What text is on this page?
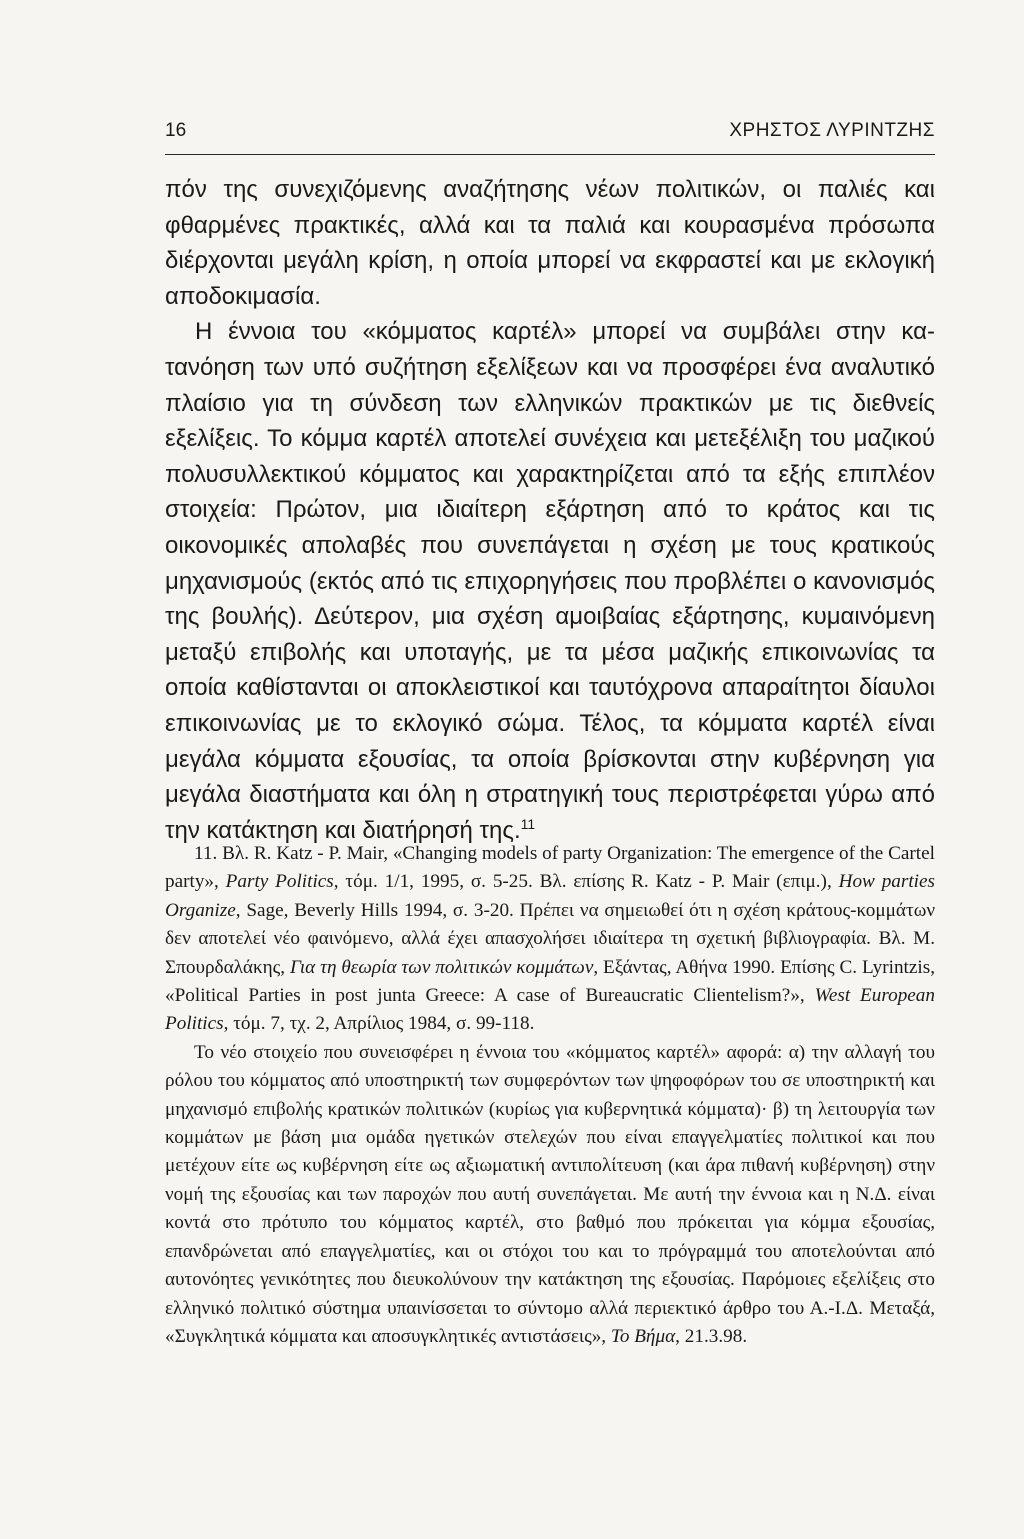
16	ΧΡΗΣΤΟΣ ΛΥΡΙΝΤΖΗΣ

πόν της συνεχιζόμενης αναζήτησης νέων πολιτικών, οι παλιές και φθαρμένες πρακτικές, αλλά και τα παλιά και κουρασμένα πρόσωπα διέρχονται μεγάλη κρίση, η οποία μπορεί να εκφραστεί και με εκλογική αποδοκιμασία.

Η έννοια του «κόμματος καρτέλ» μπορεί να συμβάλει στην κατανόηση των υπό συζήτηση εξελίξεων και να προσφέρει ένα αναλυτικό πλαίσιο για τη σύνδεση των ελληνικών πρακτικών με τις διεθνείς εξελίξεις. Το κόμμα καρτέλ αποτελεί συνέχεια και μετεξέλιξη του μαζικού πολυσυλλεκτικού κόμματος και χαρακτηρίζεται από τα εξής επιπλέον στοιχεία: Πρώτον, μια ιδιαίτερη εξάρτηση από το κράτος και τις οικονομικές απολαβές που συνεπάγεται η σχέση με τους κρατικούς μηχανισμούς (εκτός από τις επιχορηγήσεις που προβλέπει ο κανονισμός της βουλής). Δεύτερον, μια σχέση αμοιβαίας εξάρτησης, κυμαινόμενη μεταξύ επιβολής και υποταγής, με τα μέσα μαζικής επικοινωνίας τα οποία καθίστανται οι αποκλειστικοί και ταυτόχρονα απαραίτητοι δίαυλοι επικοινωνίας με το εκλογικό σώμα. Τέλος, τα κόμματα καρτέλ είναι μεγάλα κόμματα εξουσίας, τα οποία βρίσκονται στην κυβέρνηση για μεγάλα διαστήματα και όλη η στρατηγική τους περιστρέφεται γύρω από την κατάκτηση και διατήρησή της.$^{11}$

11. Βλ. R. Katz - P. Mair, «Changing models of party Organization: The emergence of the Cartel party», Party Politics, τόμ. 1/1, 1995, σ. 5-25. Βλ. επίσης R. Katz - P. Mair (επιμ.), How parties Organize, Sage, Beverly Hills 1994, σ. 3-20. Πρέπει να σημειωθεί ότι η σχέση κράτους-κομμάτων δεν αποτελεί νέο φαινόμενο, αλλά έχει απασχολήσει ιδιαίτερα τη σχετική βιβλιογραφία. Βλ. Μ. Σπουρδαλάκης, Για τη θεωρία των πολιτικών κομμάτων, Εξάντας, Αθήνα 1990. Επίσης C. Lyrintzis, «Political Parties in post junta Greece: A case of Bureaucratic Clientelism?», West European Politics, τόμ. 7, τχ. 2, Απρίλιος 1984, σ. 99-118.

Το νέο στοιχείο που συνεισφέρει η έννοια του «κόμματος καρτέλ» αφορά: α) την αλλαγή του ρόλου του κόμματος από υποστηρικτή των συμφερόντων των ψηφοφόρων του σε υποστηρικτή και μηχανισμό επιβολής κρατικών πολιτικών (κυρίως για κυβερνητικά κόμματα)· β) τη λειτουργία των κομμάτων με βάση μια ομάδα ηγετικών στελεχών που είναι επαγγελματίες πολιτικοί και που μετέχουν είτε ως κυβέρνηση είτε ως αξιωματική αντιπολίτευση (και άρα πιθανή κυβέρνηση) στην νομή της εξουσίας και των παροχών που αυτή συνεπάγεται. Με αυτή την έννοια και η Ν.Δ. είναι κοντά στο πρότυπο του κόμματος καρτέλ, στο βαθμό που πρόκειται για κόμμα εξουσίας, επανδρώνεται από επαγγελματίες, και οι στόχοι του και το πρόγραμμά του αποτελούνται από αυτονόητες γενικότητες που διευκολύνουν την κατάκτηση της εξουσίας. Παρόμοιες εξελίξεις στο ελληνικό πολιτικό σύστημα υπαινίσσεται το σύντομο αλλά περιεκτικό άρθρο του Α.-Ι.Δ. Μεταξά, «Συγκλητικά κόμματα και αποσυγκλητικές αντιστάσεις», Το Βήμα, 21.3.98.
